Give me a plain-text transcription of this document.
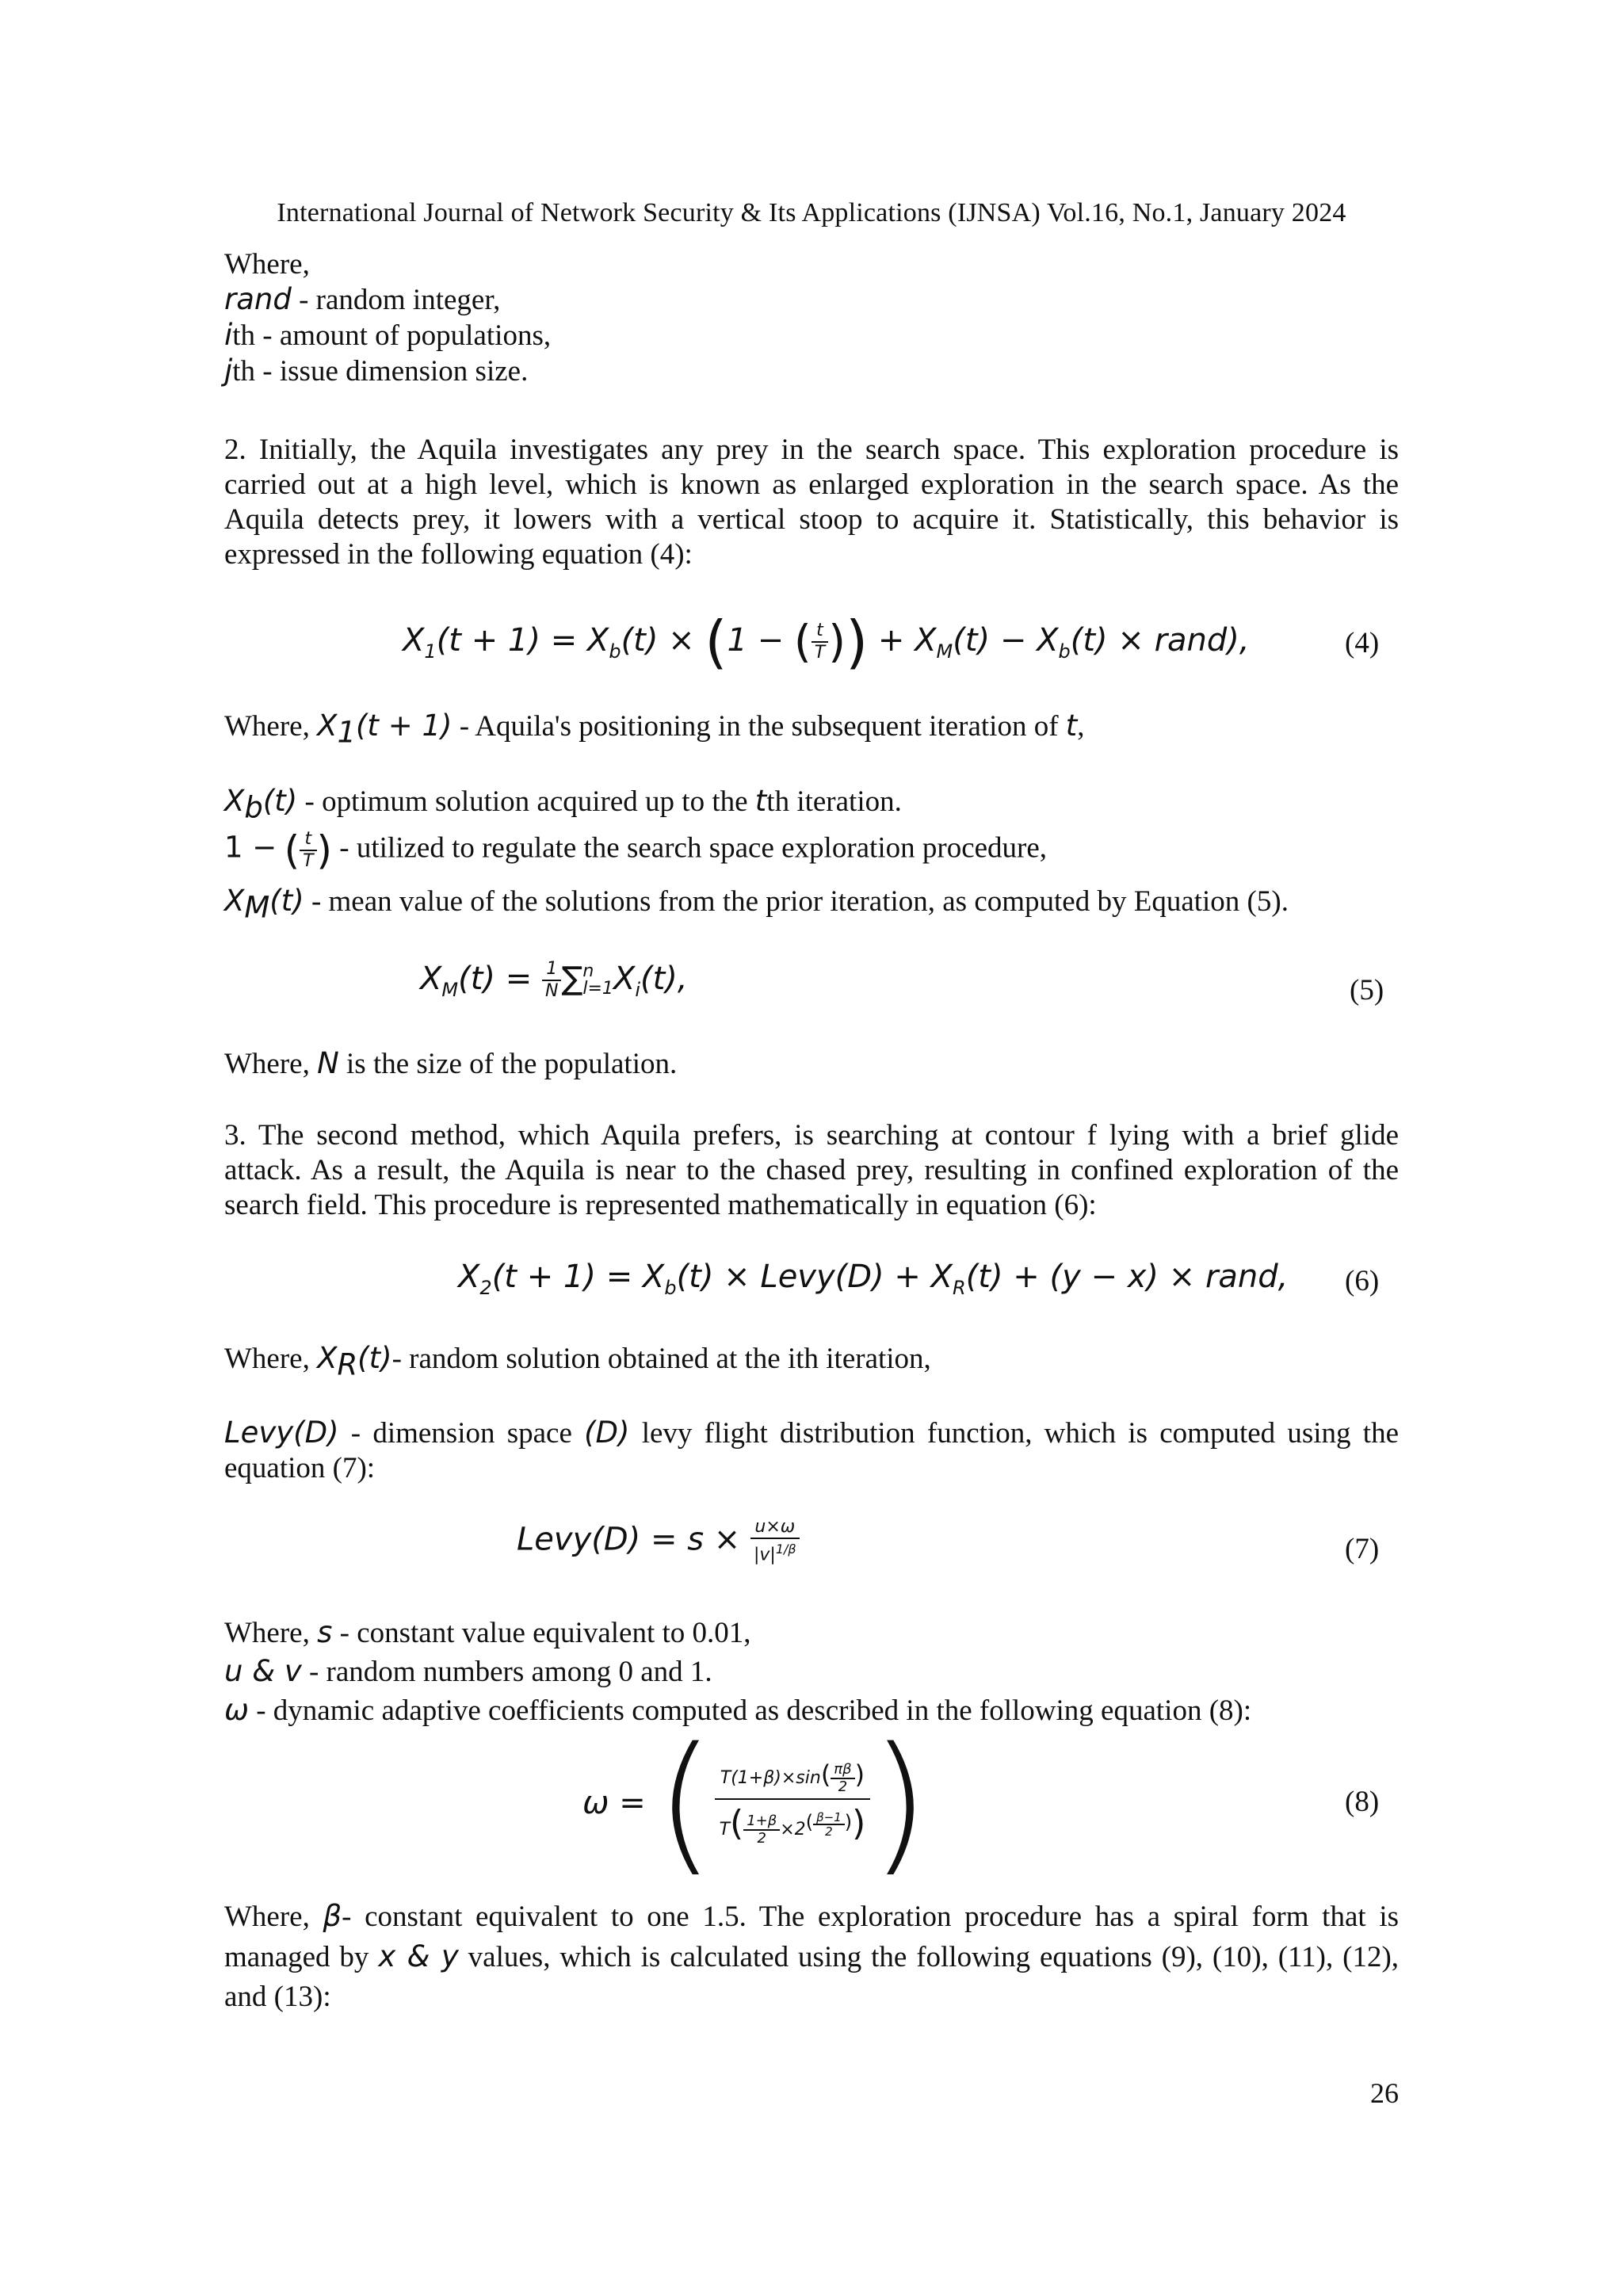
International Journal of Network Security & Its Applications (IJNSA) Vol.16, No.1, January 2024
Where,
rand - random integer,
ith - amount of populations,
jth - issue dimension size.
2. Initially, the Aquila investigates any prey in the search space. This exploration procedure is carried out at a high level, which is known as enlarged exploration in the search space. As the Aquila detects prey, it lowers with a vertical stoop to acquire it. Statistically, this behavior is expressed in the following equation (4):
$X_1(t + 1) = X_b(t) \times (1$ − ( $\frac{t}{T}$ )) + $X_M(t) - X_b(t)$ × rand),	(4)
Where, $X_1(t + 1)$ - Aquila's positioning in the subsequent iteration of t,
$X_b(t)$ - optimum solution acquired up to the tth iteration.
1 − ( $\frac{t}{T}$ ) - utilized to regulate the search space exploration procedure,
$X_M(t)$ - mean value of the solutions from the prior iteration, as computed by Equation (5).
$X_M(t) = \frac{1}{N}$ ∑ n
l=1 $X_i(t)$,	(5)
Where, N is the size of the population.
3. The second method, which Aquila prefers, is searching at contour f lying with a brief glide attack. As a result, the Aquila is near to the chased prey, resulting in confined exploration of the search field. This procedure is represented mathematically in equation (6):
$X_2(t + 1) = X_b(t)$ × Levy(D) + $X_R(t) + (y - x)$ × rand, (6)
Where, $X_R(t)-$ random solution obtained at the ith iteration,
Levy(D) - dimension space (D) levy flight distribution function, which is computed using the equation (7):
Levy(D) = $s \times \frac{u\times\omega}{|v|^{1/\beta}}$	(7)
Where, s - constant value equivalent to 0.01,
u & v - random numbers among 0 and 1.
ω - dynamic adaptive coefficients computed as described in the following equation (8):
ω = ( $T(1+\beta)\times\sin( \frac{\pi\beta}{2}$ )
$T( \frac{1+\beta}{2} \times 2^{( \frac{\beta-1}{2} )})$ )	(8)
Where, β- constant equivalent to one 1.5. The exploration procedure has a spiral form that is managed by x & y values, which is calculated using the following equations (9), (10), (11), (12), and (13):
26
